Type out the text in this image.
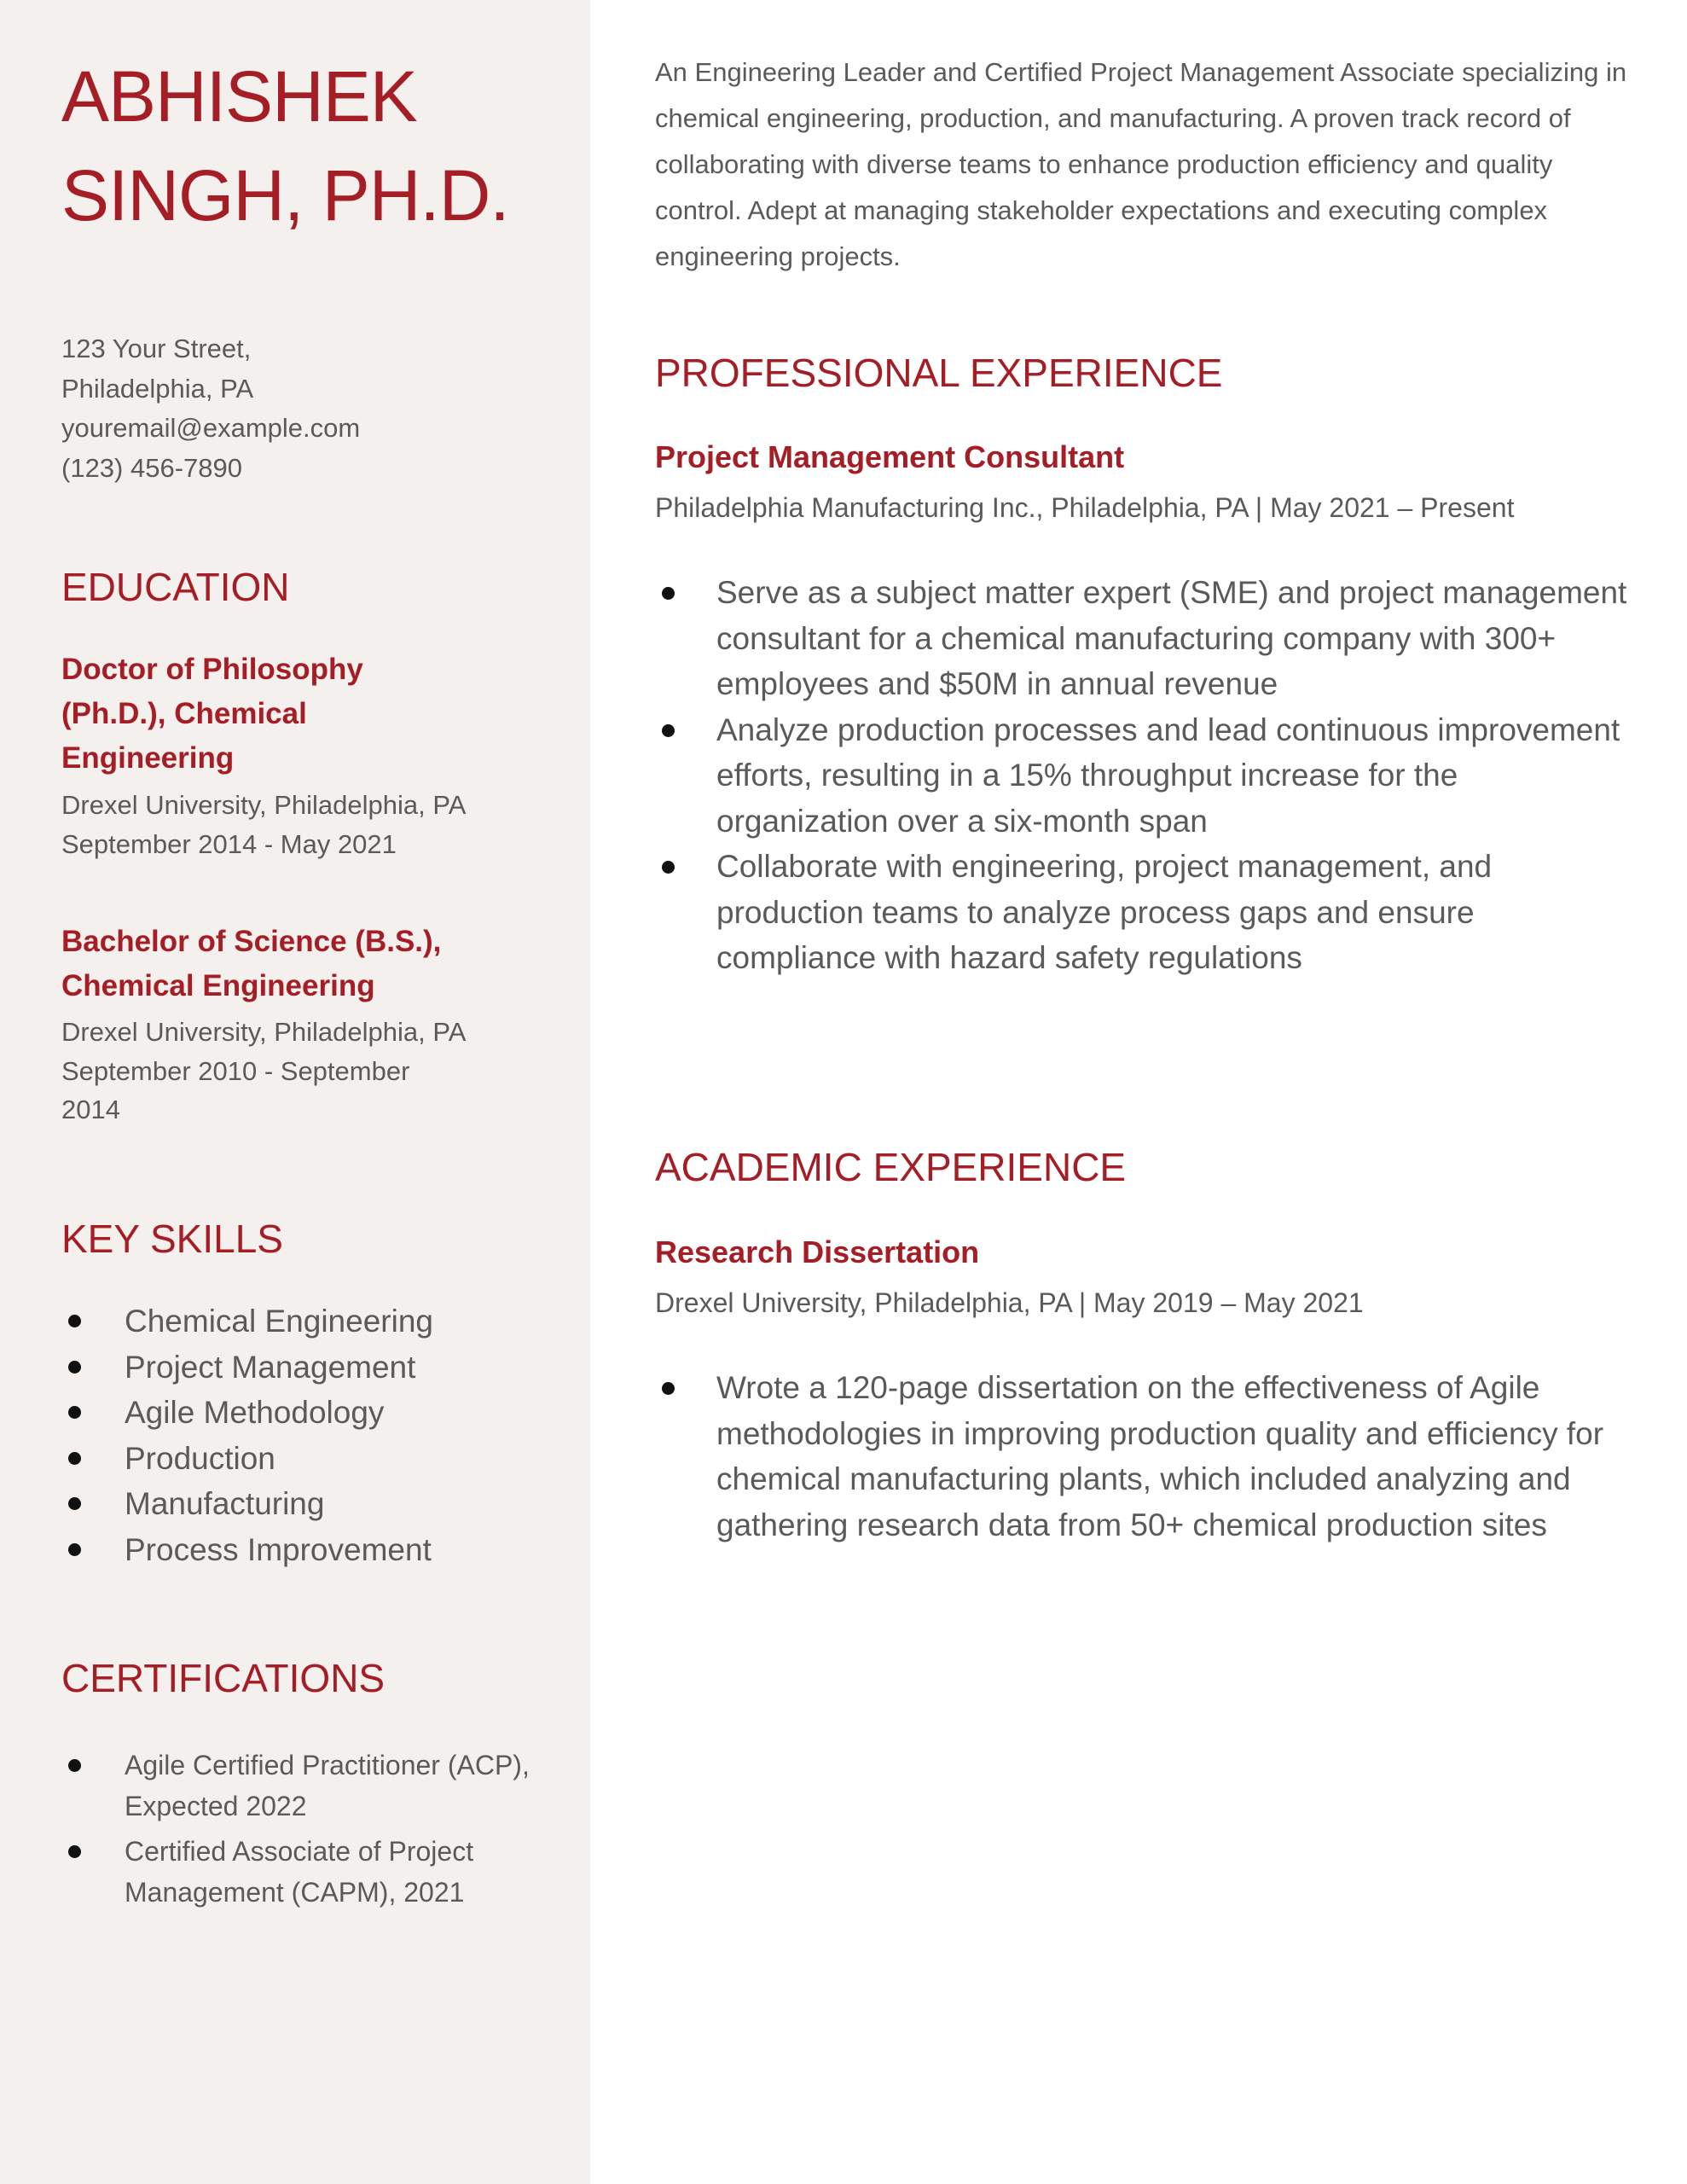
ABHISHEK
SINGH, PH.D.
123 Your Street,
Philadelphia, PA
youremail@example.com
(123) 456-7890
EDUCATION
Doctor of Philosophy (Ph.D.), Chemical Engineering
Drexel University, Philadelphia, PA
September 2014 - May 2021
Bachelor of Science (B.S.), Chemical Engineering
Drexel University, Philadelphia, PA
September 2010 - September 2014
KEY SKILLS
Chemical Engineering
Project Management
Agile Methodology
Production
Manufacturing
Process Improvement
CERTIFICATIONS
Agile Certified Practitioner (ACP), Expected 2022
Certified Associate of Project Management (CAPM), 2021
An Engineering Leader and Certified Project Management Associate specializing in chemical engineering, production, and manufacturing. A proven track record of collaborating with diverse teams to enhance production efficiency and quality control. Adept at managing stakeholder expectations and executing complex engineering projects.
PROFESSIONAL EXPERIENCE
Project Management Consultant
Philadelphia Manufacturing Inc., Philadelphia, PA | May 2021 – Present
Serve as a subject matter expert (SME) and project management consultant for a chemical manufacturing company with 300+ employees and $50M in annual revenue
Analyze production processes and lead continuous improvement efforts, resulting in a 15% throughput increase for the organization over a six-month span
Collaborate with engineering, project management, and production teams to analyze process gaps and ensure compliance with hazard safety regulations
ACADEMIC EXPERIENCE
Research Dissertation
Drexel University, Philadelphia, PA | May 2019 – May 2021
Wrote a 120-page dissertation on the effectiveness of Agile methodologies in improving production quality and efficiency for chemical manufacturing plants, which included analyzing and gathering research data from 50+ chemical production sites
